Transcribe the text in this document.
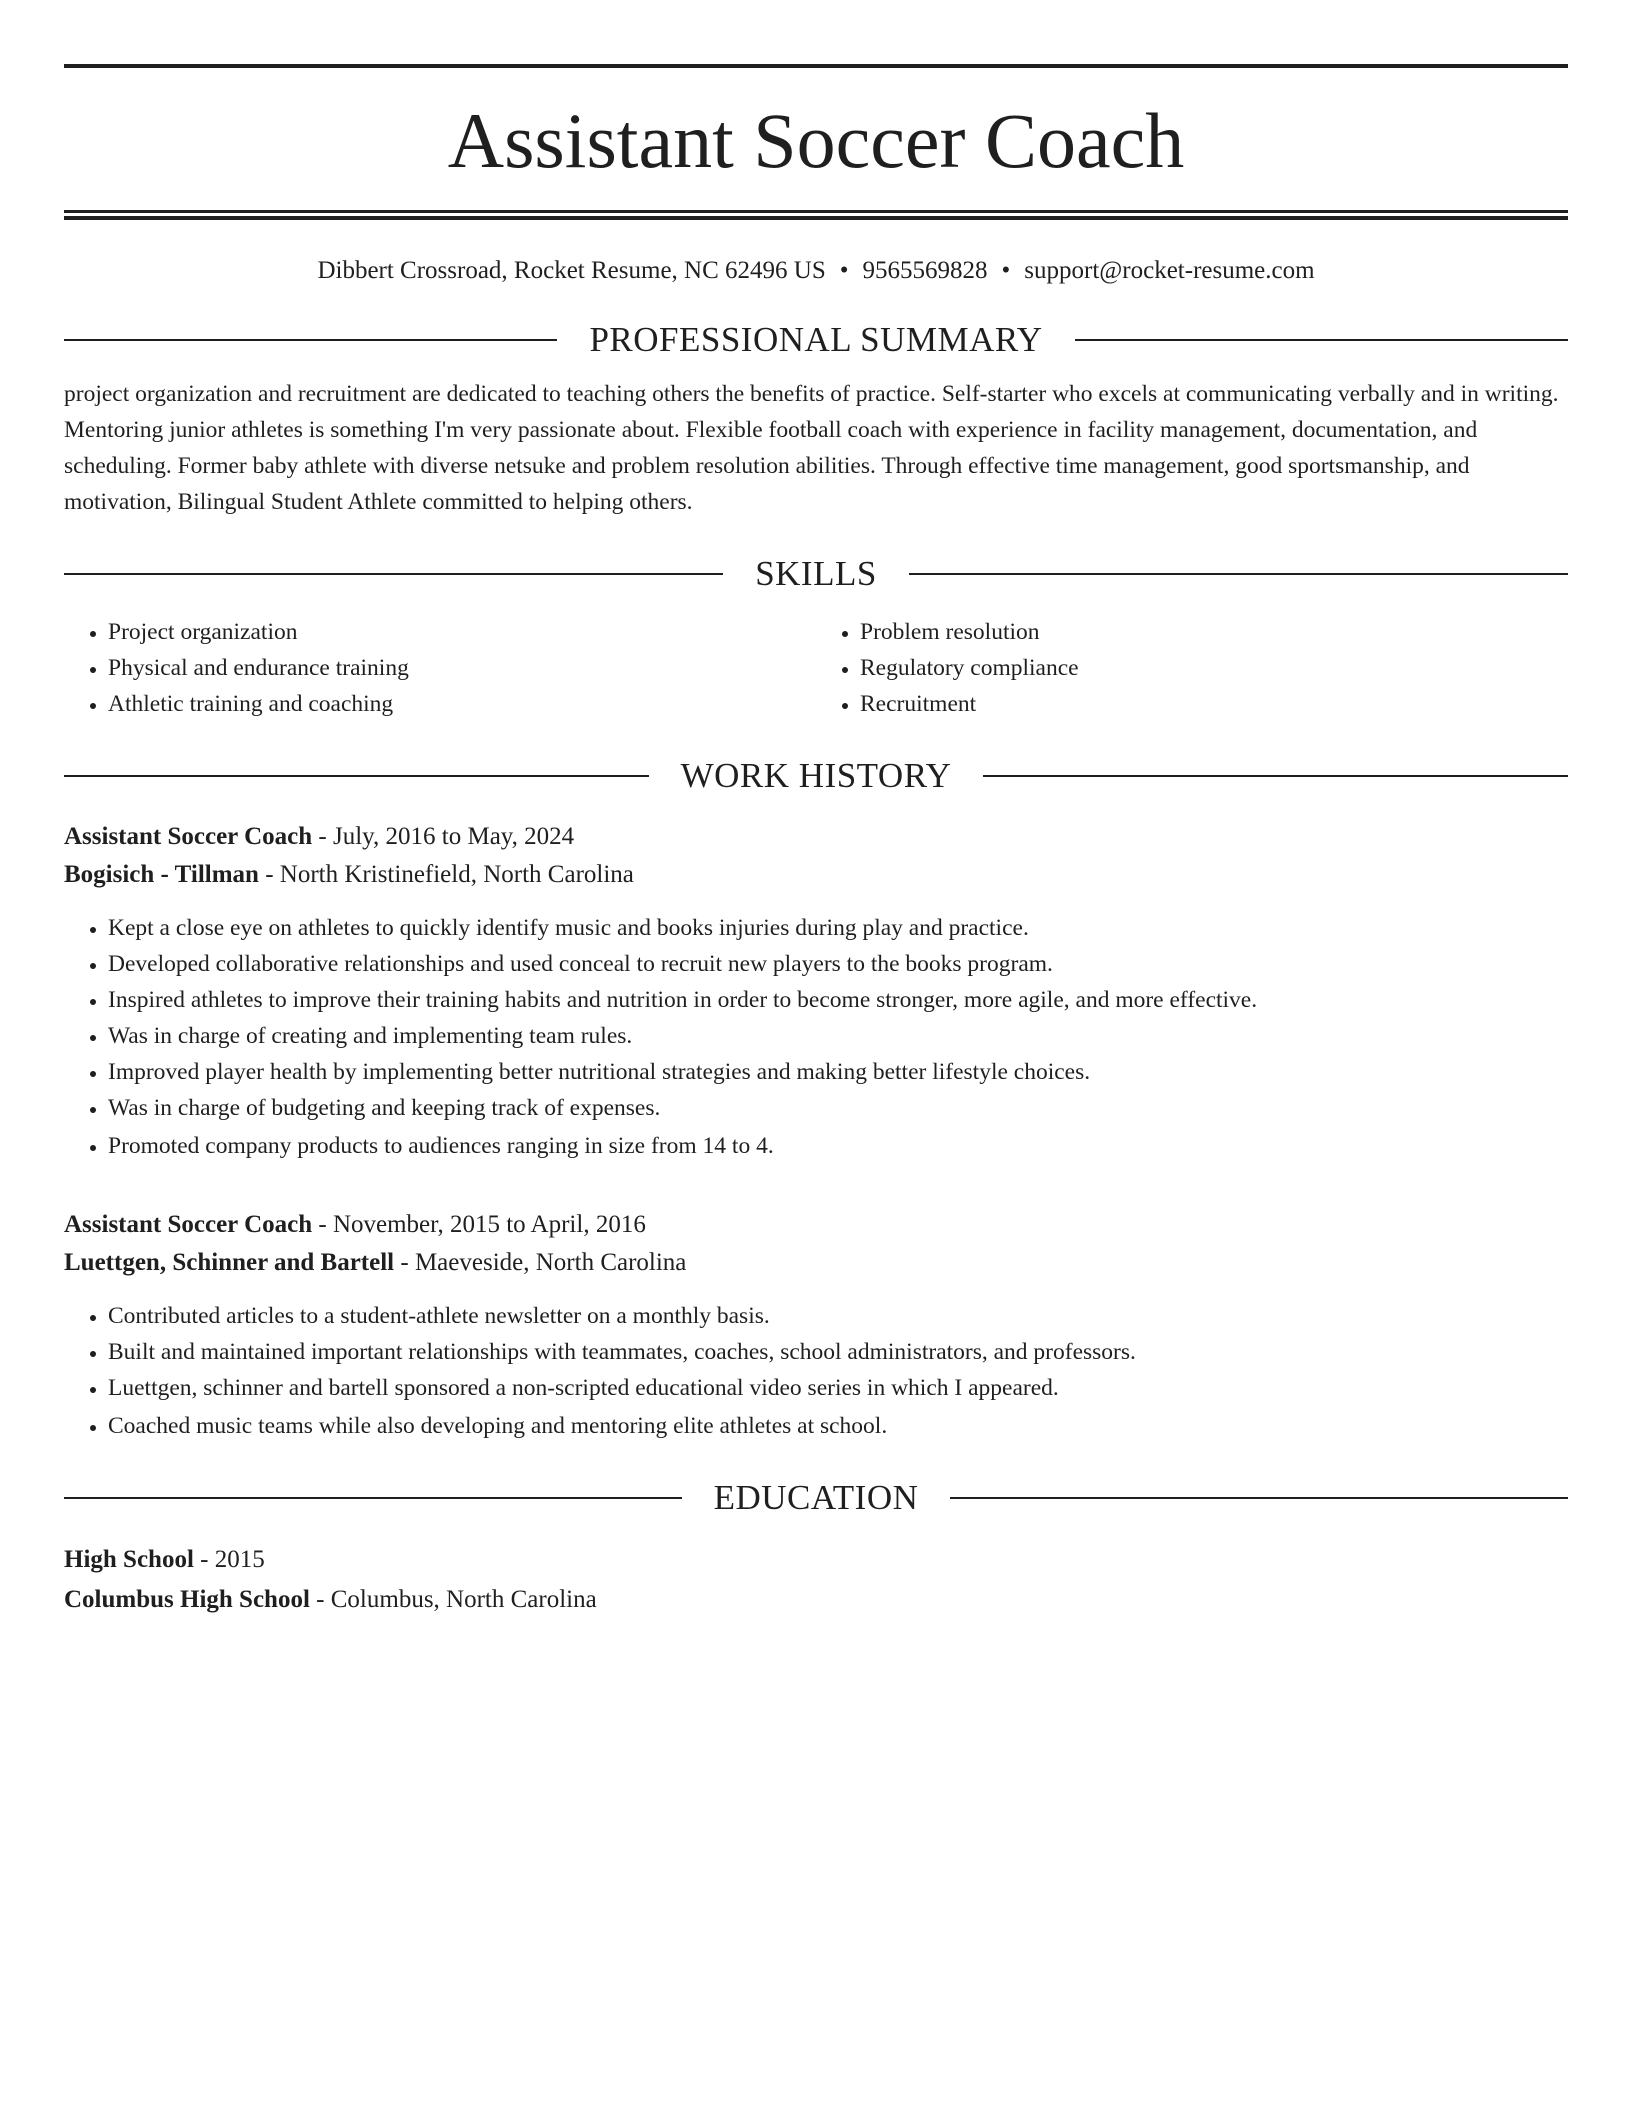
Assistant Soccer Coach
Dibbert Crossroad, Rocket Resume, NC 62496 US • 9565569828 • support@rocket-resume.com
PROFESSIONAL SUMMARY
project organization and recruitment are dedicated to teaching others the benefits of practice. Self-starter who excels at communicating verbally and in writing. Mentoring junior athletes is something I'm very passionate about. Flexible football coach with experience in facility management, documentation, and scheduling. Former baby athlete with diverse netsuke and problem resolution abilities. Through effective time management, good sportsmanship, and motivation, Bilingual Student Athlete committed to helping others.
SKILLS
• Project organization
• Physical and endurance training
• Athletic training and coaching
• Problem resolution
• Regulatory compliance
• Recruitment
WORK HISTORY
Assistant Soccer Coach - July, 2016 to May, 2024
Bogisich - Tillman - North Kristinefield, North Carolina
• Kept a close eye on athletes to quickly identify music and books injuries during play and practice.
• Developed collaborative relationships and used conceal to recruit new players to the books program.
• Inspired athletes to improve their training habits and nutrition in order to become stronger, more agile, and more effective.
• Was in charge of creating and implementing team rules.
• Improved player health by implementing better nutritional strategies and making better lifestyle choices.
• Was in charge of budgeting and keeping track of expenses.
• Promoted company products to audiences ranging in size from 14 to 4.
Assistant Soccer Coach - November, 2015 to April, 2016
Luettgen, Schinner and Bartell - Maeveside, North Carolina
• Contributed articles to a student-athlete newsletter on a monthly basis.
• Built and maintained important relationships with teammates, coaches, school administrators, and professors.
• Luettgen, schinner and bartell sponsored a non-scripted educational video series in which I appeared.
• Coached music teams while also developing and mentoring elite athletes at school.
EDUCATION
High School - 2015
Columbus High School - Columbus, North Carolina
